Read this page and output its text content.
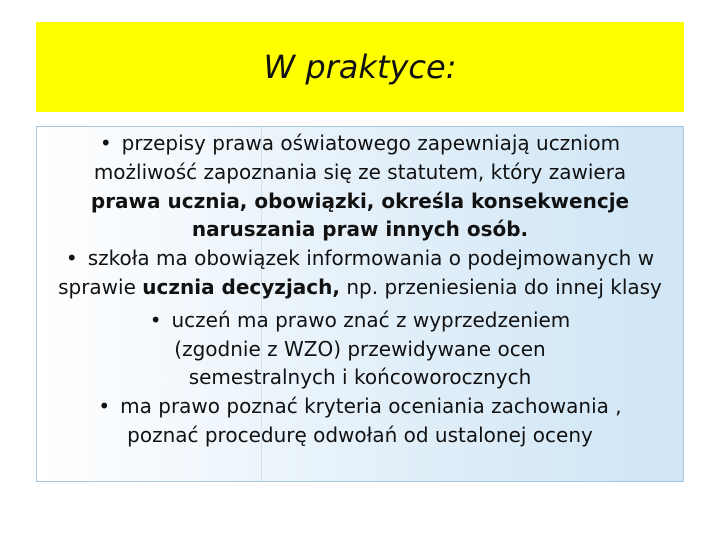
W praktyce:

• przepisy prawa oświatowego zapewniają uczniom możliwość zapoznania się ze statutem, który zawiera prawa ucznia, obowiązki, określa konsekwencje naruszania praw innych osób.

• szkoła ma obowiązek informowania o podejmowanych w sprawie ucznia decyzjach, np. przeniesienia do innej klasy

• uczeń ma prawo znać z wyprzedzeniem (zgodnie z WZO) przewidywane ocen semestralnych i końcoworocznych

• ma prawo poznać kryteria oceniania zachowania , poznać procedurę odwołań od ustalonej oceny
